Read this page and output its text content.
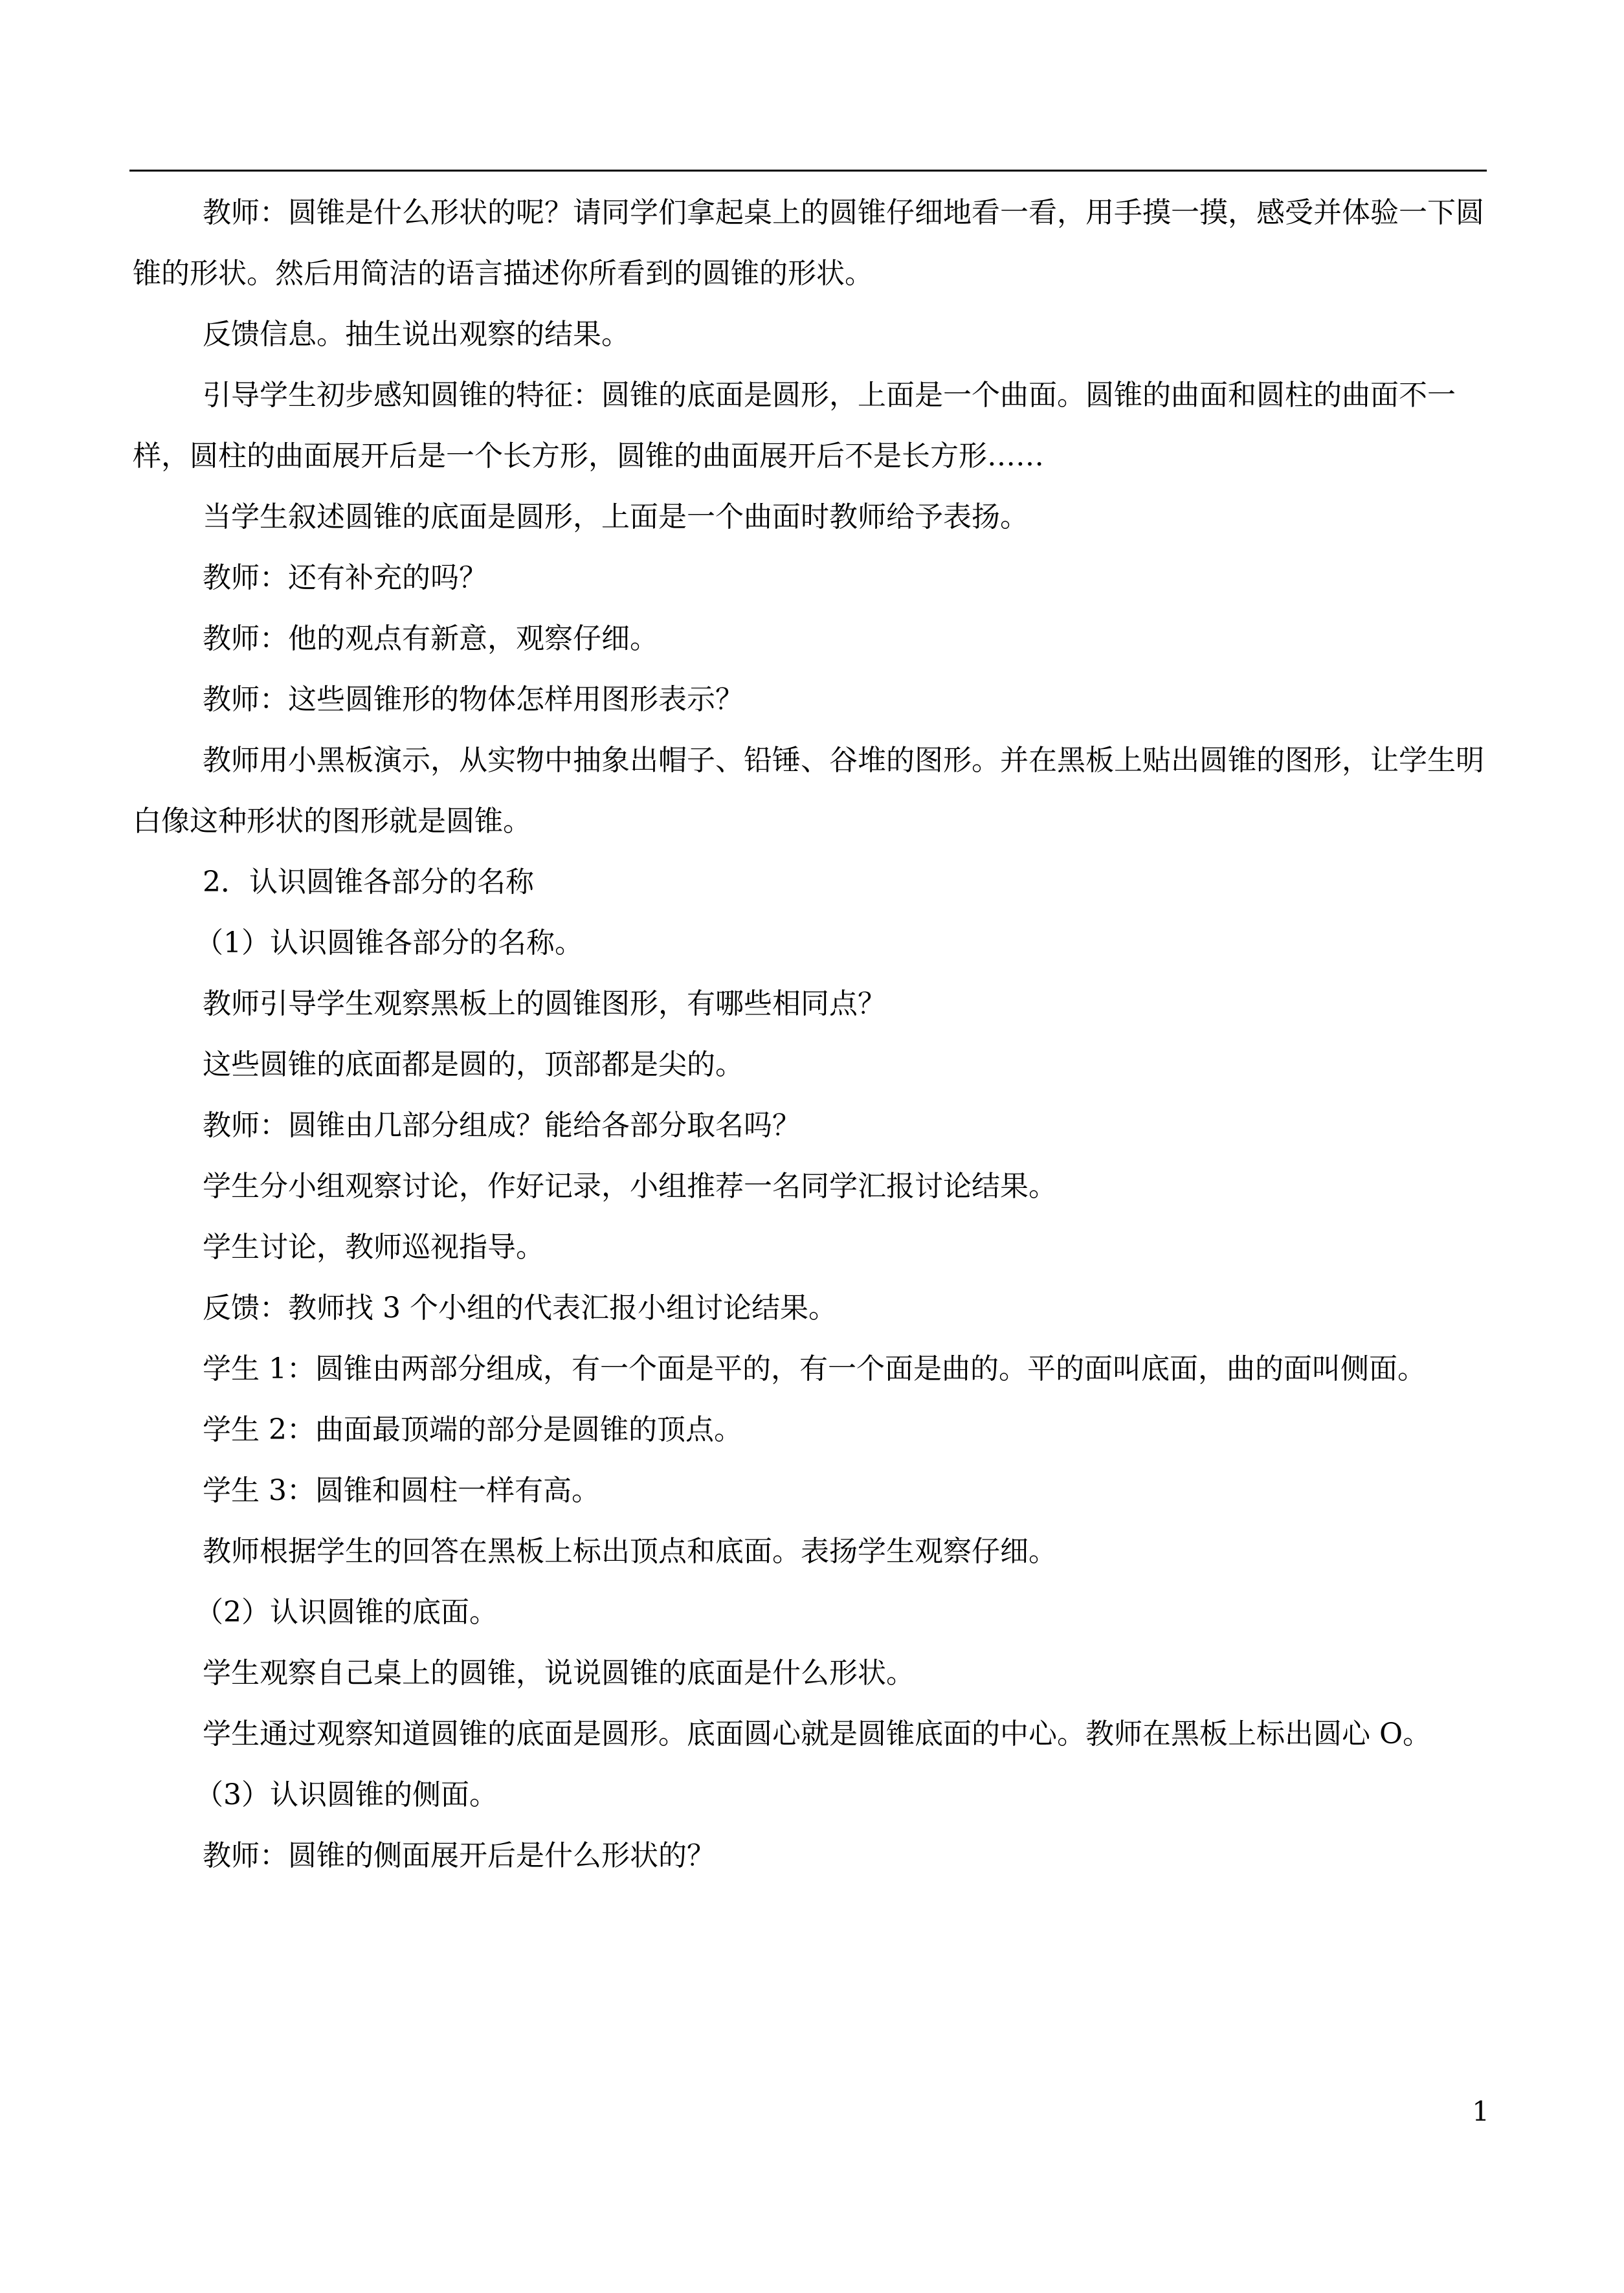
教师：圆锥是什么形状的呢？请同学们拿起桌上的圆锥仔细地看一看，用手摸一摸，感受并体验一下圆锥的形状。然后用简洁的语言描述你所看到的圆锥的形状。

反馈信息。抽生说出观察的结果。

引导学生初步感知圆锥的特征：圆锥的底面是圆形，上面是一个曲面。圆锥的曲面和圆柱的曲面不一样，圆柱的曲面展开后是一个长方形，圆锥的曲面展开后不是长方形……

当学生叙述圆锥的底面是圆形，上面是一个曲面时教师给予表扬。

教师：还有补充的吗？

教师：他的观点有新意，观察仔细。

教师：这些圆锥形的物体怎样用图形表示？

教师用小黑板演示，从实物中抽象出帽子、铅锤、谷堆的图形。并在黑板上贴出圆锥的图形，让学生明白像这种形状的图形就是圆锥。

2．认识圆锥各部分的名称

（1）认识圆锥各部分的名称。

教师引导学生观察黑板上的圆锥图形，有哪些相同点？

这些圆锥的底面都是圆的，顶部都是尖的。

教师：圆锥由几部分组成？能给各部分取名吗？

学生分小组观察讨论，作好记录，小组推荐一名同学汇报讨论结果。

学生讨论，教师巡视指导。

反馈：教师找 3 个小组的代表汇报小组讨论结果。

学生 1：圆锥由两部分组成，有一个面是平的，有一个面是曲的。平的面叫底面，曲的面叫侧面。

学生 2：曲面最顶端的部分是圆锥的顶点。

学生 3：圆锥和圆柱一样有高。

教师根据学生的回答在黑板上标出顶点和底面。表扬学生观察仔细。

（2）认识圆锥的底面。

学生观察自己桌上的圆锥，说说圆锥的底面是什么形状。

学生通过观察知道圆锥的底面是圆形。底面圆心就是圆锥底面的中心。教师在黑板上标出圆心 O。

（3）认识圆锥的侧面。

教师：圆锥的侧面展开后是什么形状的？

1
